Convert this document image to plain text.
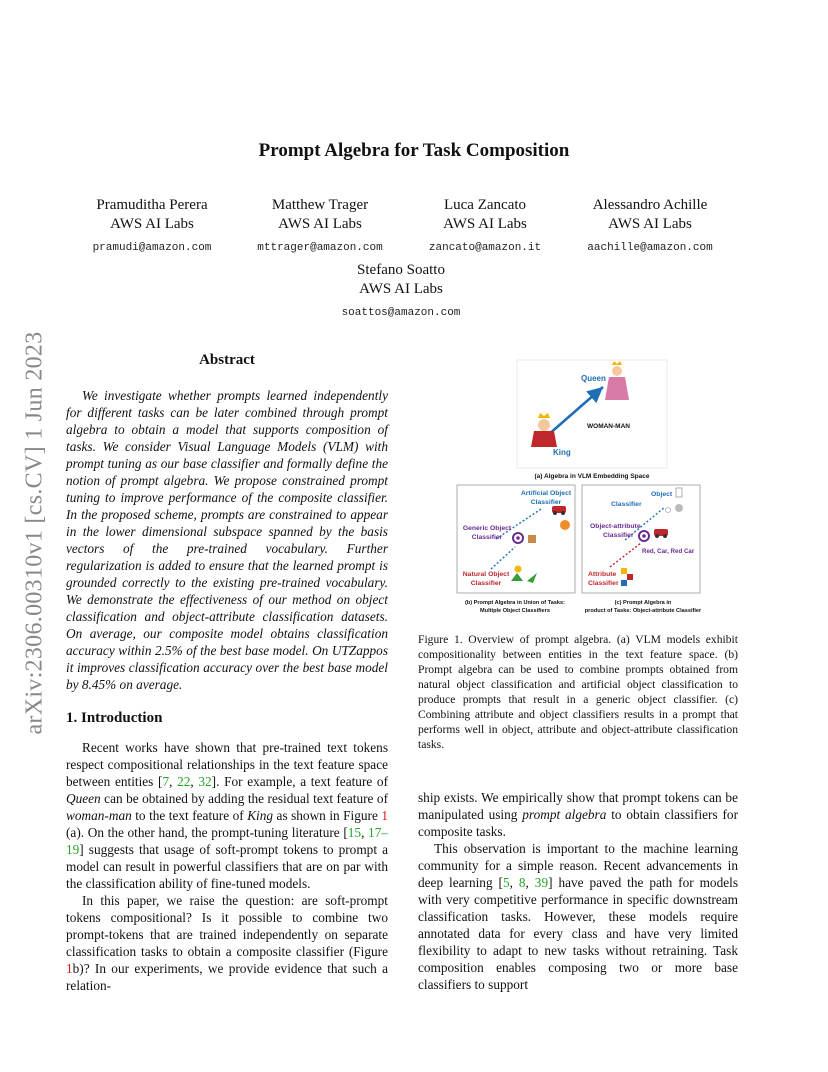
Prompt Algebra for Task Composition
Pramuditha Perera
AWS AI Labs
pramudi@amazon.com
Matthew Trager
AWS AI Labs
mttrager@amazon.com
Luca Zancato
AWS AI Labs
zancato@amazon.it
Alessandro Achille
AWS AI Labs
aachille@amazon.com
Stefano Soatto
AWS AI Labs
soattos@amazon.com
arXiv:2306.00310v1 [cs.CV] 1 Jun 2023	Abstract

We investigate whether prompts learned independently for different tasks can be later combined through prompt algebra to obtain a model that supports composition of tasks. We consider Visual Language Models (VLM) with prompt tuning as our base classifier and formally define the notion of prompt algebra. We propose constrained prompt tuning to improve performance of the composite classifier. In the proposed scheme, prompts are constrained to appear in the lower dimensional subspace spanned by the basis vectors of the pre-trained vocabulary. Further regularization is added to ensure that the learned prompt is grounded correctly to the existing pre-trained vocabulary. We demonstrate the effectiveness of our method on object classification and object-attribute classification datasets. On average, our composite model obtains classification accuracy within 2.5% of the best base model. On UTZappos it improves classification accuracy over the best base model by 8.45% on average.

1. Introduction

Recent works have shown that pre-trained text tokens respect compositional relationships in the text feature space between entities [7, 22, 32]. For example, a text feature of Queen can be obtained by adding the residual text feature of woman-man to the text feature of King as shown in Figure 1 (a). On the other hand, the prompt-tuning literature [15, 17–19] suggests that usage of soft-prompt tokens to prompt a model can result in powerful classifiers that are on par with the classification ability of fine-tuned models.

In this paper, we raise the question: are soft-prompt tokens compositional? Is it possible to combine two prompt-tokens that are trained independently on separate classification tasks to obtain a composite classifier (Figure 1b)? In our experiments, we provide evidence that such a relation-

ship exists. We empirically show that prompt tokens can be manipulated using prompt algebra to obtain classifiers for composite tasks.

This observation is important to the machine learning community for a simple reason. Recent advancements in deep learning [5, 8, 39] have paved the path for models with very competitive performance in specific downstream classification tasks. However, these models require annotated data for every class and have very limited flexibility to adapt to new tasks without retraining. Task composition enables composing two or more base classifiers to support

Queen
King
WOMAN-MAN
(a) Algebra in VLM Embedding Space
Artificial Object
Classifier
Generic Object
Classifier
Natural Object
Classifier
(b) Prompt Algebra in Union of Tasks:
Multiple Object Classifiers
Object
Classifier
Object-attribute
Classifier
Red, Car, Red Car
Attribute
Classifier
(c) Prompt Algebra in
product of Tasks: Object-attribute Classifier
Figure 1. Overview of prompt algebra. (a) VLM models exhibit compositionality between entities in the text feature space. (b) Prompt algebra can be used to combine prompts obtained from natural object classification and artificial object classification to produce prompts that result in a generic object classifier. (c) Combining attribute and object classifiers results in a prompt that performs well in object, attribute and object-attribute classification tasks.
